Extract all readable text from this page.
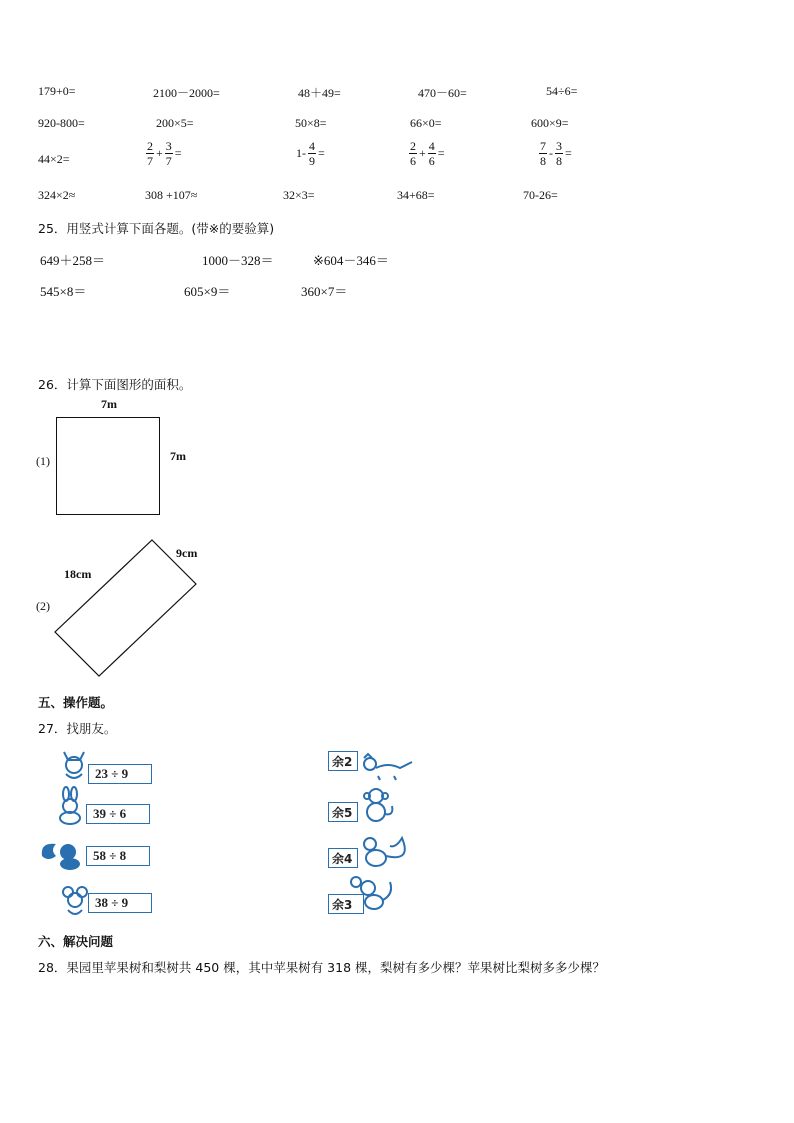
179+0=	2100－2000=	48＋49=	470－60=	54÷6=
920-800=	200×5=	50×8=	66×0=	600×9=
44×2=	$\frac{2}{7} + \frac{3}{7}$ =	$1- \frac{4}{9}$ =	$\frac{2}{6} + \frac{4}{6}$ =	$\frac{7}{8} - \frac{3}{8}$ =
324×2≈	308 +107≈	32×3=	34+68=	70-26=
25．用竖式计算下面各题。(带※的要验算)
649＋258＝	1000－328＝	※604－346＝
545×8＝	605×9＝	360×7＝
26．计算下面图形的面积。
7m
(1)	7m
18cm
9cm
(2)
五、操作题。
27．找朋友。
23 ÷ 9
39 ÷ 6
58 ÷ 8
38 ÷ 9
余2
余5
余4
余3
六、解决问题
28．果园里苹果树和梨树共 450 棵，其中苹果树有 318 棵，梨树有多少棵？苹果树比梨树多多少棵？
